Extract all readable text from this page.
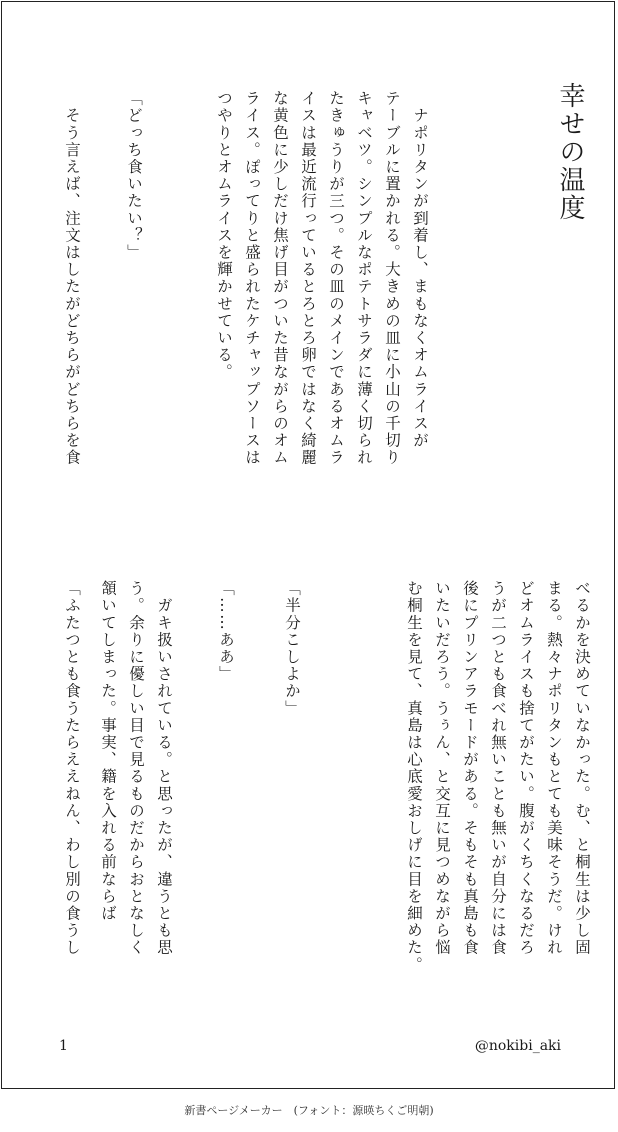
幸せの温度
　ナポリタンが到着し、まもなくオムライスが
テーブルに置かれる。大きめの皿に小山の千切り
キャベツ。シンプルなポテトサラダに薄く切られ
たきゅうりが三つ。その皿のメインであるオムラ
イスは最近流行っているとろとろ卵ではなく綺麗
な黄色に少しだけ焦げ目がついた昔ながらのオム
ライス。ぽってりと盛られたケチャップソースは
つやりとオムライスを輝かせている。
「どっち食いたい？」
　そう言えば、注文はしたがどちらがどちらを食
べるかを決めていなかった。む、と桐生は少し固
まる。熱々ナポリタンもとても美味そうだ。けれ
どオムライスも捨てがたい。腹がくちくなるだろ
うが二つとも食べれ無いことも無いが自分には食
後にプリンアラモードがある。そもそも真島も食
いたいだろう。うぅん、と交互に見つめながら悩
む桐生を見て、真島は心底愛おしげに目を細めた。
「半分こしよか」
「……ああ」
　ガキ扱いされている。と思ったが、違うとも思
う。余りに優しい目で見るものだからおとなしく
頷いてしまった。事実、籍を入れる前ならば
「ふたつとも食うたらええねん、わし別の食うし
1	@nokibi_aki
新書ページメーカー　(フォント：源暎ちくご明朝)
